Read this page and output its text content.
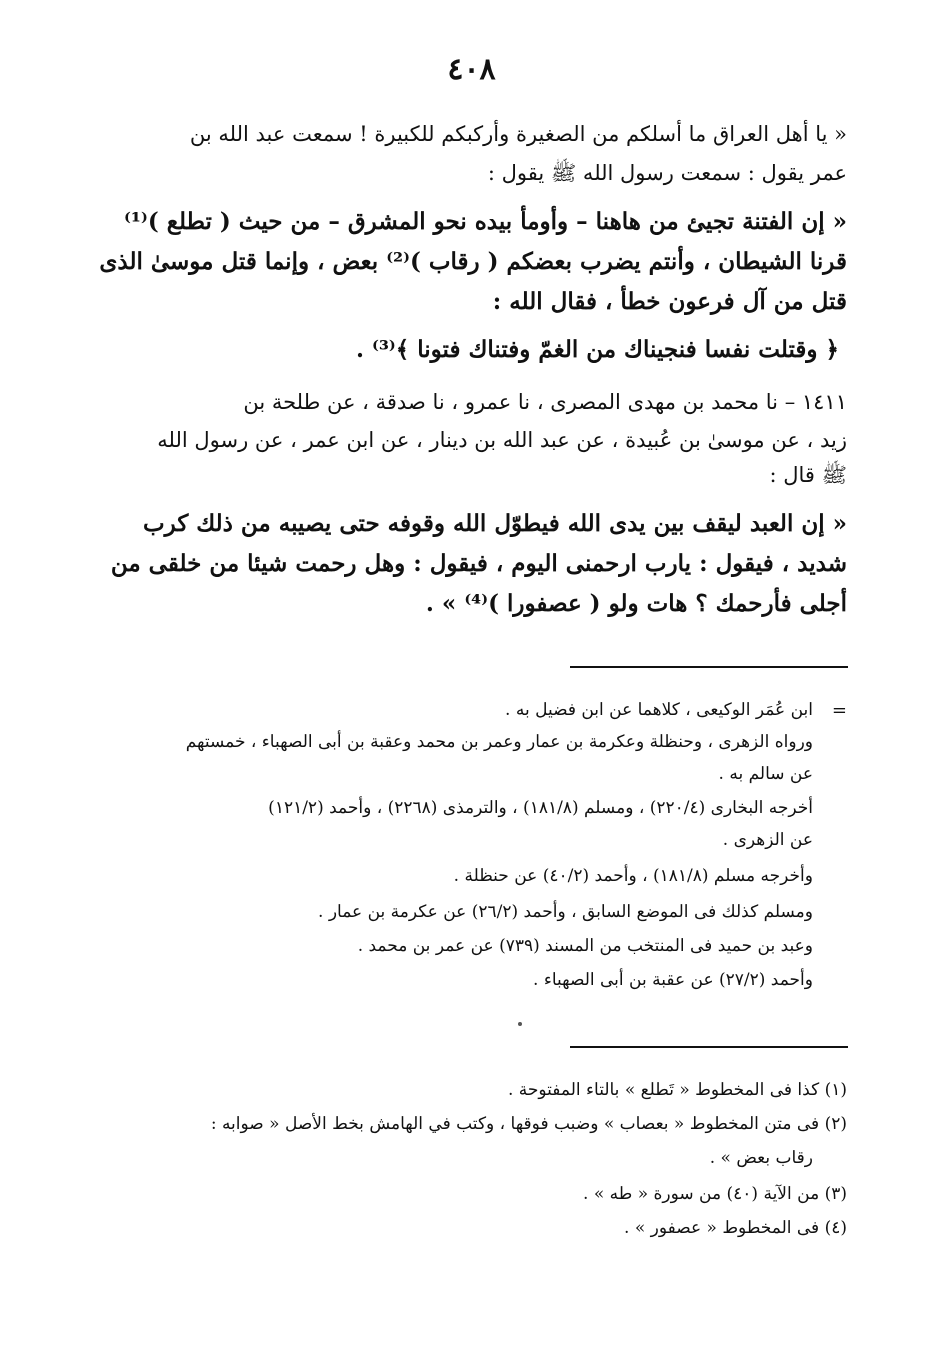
٤٠٨
« يا أهل العراق ما أسلكم من الصغيرة وأركبكم للكبيرة ! سمعت عبد الله بن
عمر يقول : سمعت رسول الله ﷺ يقول :
« إن الفتنة تجيئ من هاهنا – وأومأ بيده نحو المشرق – من حيث ( تطلع )⁽¹⁾
قرنا الشيطان ، وأنتم يضرب بعضكم ( رقاب )⁽²⁾ بعض ، وإنما قتل موسىٰ الذى
قتل من آل فرعون خطأ ، فقال الله :
﴿ وقتلت نفسا فنجيناك من الغمّ وفتناك فتونا ﴾⁽³⁾ .
١٤١١ – نا محمد بن مهدى المصرى ، نا عمرو ، نا صدقة ، عن طلحة بن
زيد ، عن موسىٰ بن عُبيدة ، عن عبد الله بن دينار ، عن ابن عمر ، عن رسول الله
ﷺ قال :
« إن العبد ليقف بين يدى الله فيطوّل الله وقوفه حتى يصيبه من ذلك كرب
شديد ، فيقول : يارب ارحمنى اليوم ، فيقول : وهل رحمت شيئا من خلقى من
أجلى فأرحمك ؟ هات ولو ( عصفورا )⁽⁴⁾ » .
=
ابن عُمَر الوكيعى ، كلاهما عن ابن فضيل به .
ورواه الزهرى ، وحنظلة وعكرمة بن عمار وعمر بن محمد وعقبة بن أبى الصهباء ، خمستهم
عن سالم به .
أخرجه البخارى (٢٢٠/٤) ، ومسلم (١٨١/٨) ، والترمذى (٢٢٦٨) ، وأحمد (١٢١/٢)
عن الزهرى .
وأخرجه مسلم (١٨١/٨) ، وأحمد (٤٠/٢) عن حنظلة .
ومسلم كذلك فى الموضع السابق ، وأحمد (٢٦/٢) عن عكرمة بن عمار .
وعبد بن حميد فى المنتخب من المسند (٧٣٩) عن عمر بن محمد .
وأحمد (٢٧/٢) عن عقبة بن أبى الصهباء .
(١) كذا فى المخطوط « تَطلع » بالتاء المفتوحة .
(٢) فى متن المخطوط « بعصاب » وضبب فوقها ، وكتب في الهامش بخط الأصل « صوابه :
رقاب بعض » .
(٣) من الآية (٤٠) من سورة « طه » .
(٤) فى المخطوط « عصفور » .
